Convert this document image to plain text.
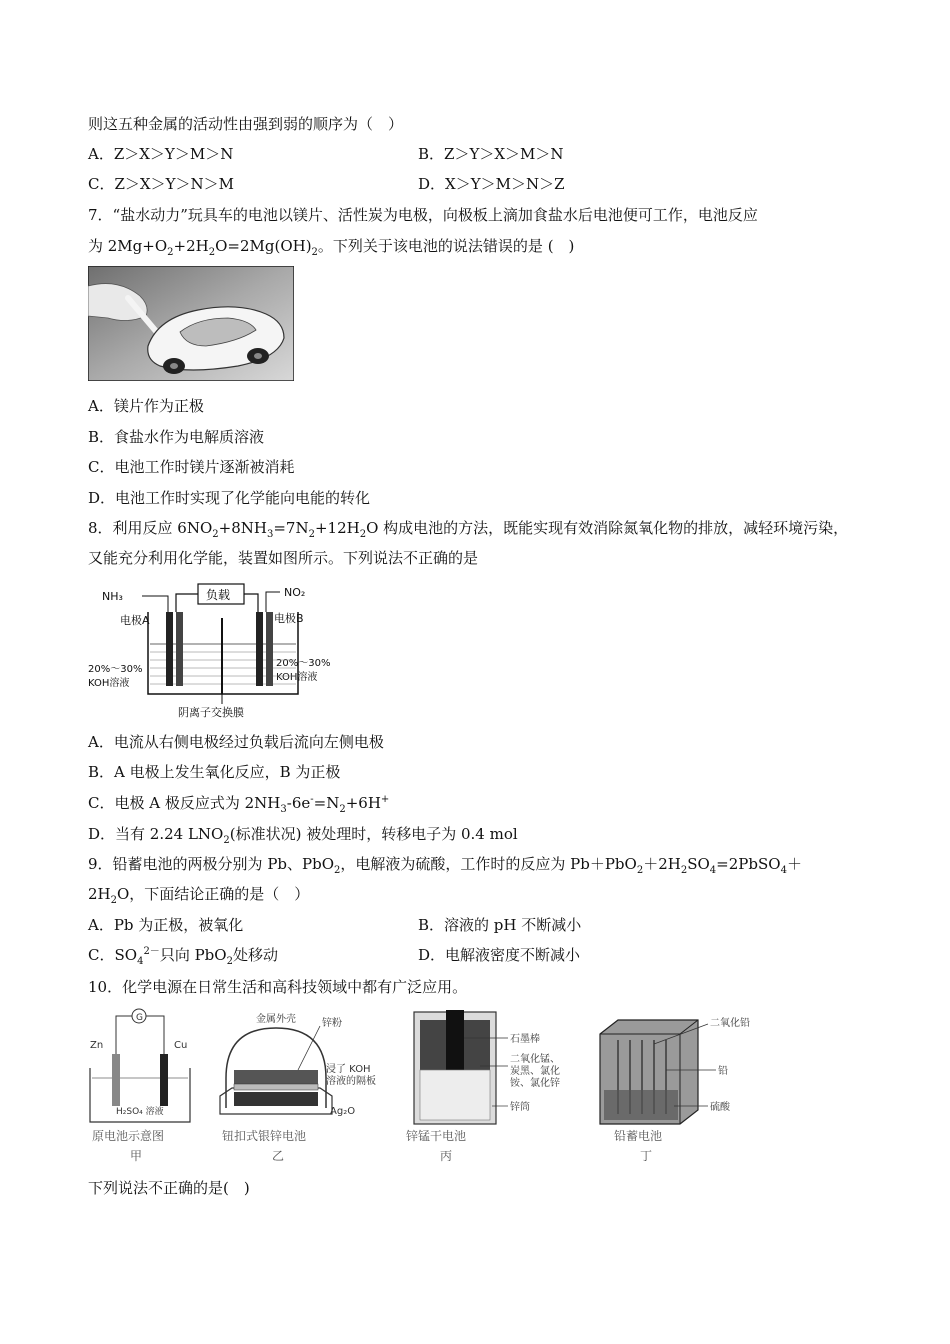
则这五种金属的活动性由强到弱的顺序为（　）
A．Z＞X＞Y＞M＞N	B．Z＞Y＞X＞M＞N
C．Z＞X＞Y＞N＞M	D．X＞Y＞M＞N＞Z
7．“盐水动力”玩具车的电池以镁片、活性炭为电极，向极板上滴加食盐水后电池便可工作，电池反应
为 $2Mg+O_2+2H_2O=2Mg(OH)_2$。下列关于该电池的说法错误的是 (　)
A．镁片作为正极
B．食盐水作为电解质溶液
C．电池工作时镁片逐渐被消耗
D．电池工作时实现了化学能向电能的转化
8．利用反应 $6NO_2+8NH_3=7N_2+12H_2O$ 构成电池的方法，既能实现有效消除氮氧化物的排放，减轻环境污染，
又能充分利用化学能，装置如图所示。下列说法不正确的是
NH₃	NO₂
电极A	电极B
20%～30%
KOH溶液
20%～30%
KOH溶液
阴离子交换膜
负载
A．电流从右侧电极经过负载后流向左侧电极
B．A 电极上发生氧化反应，B 为正极
C．电极 A 极反应式为 $2NH_3-6e^-=N_2+6H^+$
D．当有 2.24 $LNO_2$(标准状况) 被处理时，转移电子为 0.4 mol
9．铅蓄电池的两极分别为 Pb、PbO$_2$，电解液为硫酸，工作时的反应为 $Pb+PbO_2+2H_2SO_4=2PbSO_4+$
$2H_2O$，下面结论正确的是（　）
A．Pb 为正极，被氧化	B．溶液的 pH 不断减小
C．$SO_4^{2-}$只向 PbO$_2$处移动	D．电解液密度不断减小
10．化学电源在日常生活和高科技领域中都有广泛应用。
Zn	Cu
G
H₂SO₄ 溶液
原电池示意图
甲
金属外壳	锌粉
浸了 KOH
溶液的隔板
Ag₂O
钮扣式银锌电池
乙
石墨棒
二氧化锰、
炭黑、氯化
铵、氯化锌
锌筒
锌锰干电池
丙
二氧化铅
铅
硫酸
铅蓄电池
丁
下列说法不正确的是(　)
